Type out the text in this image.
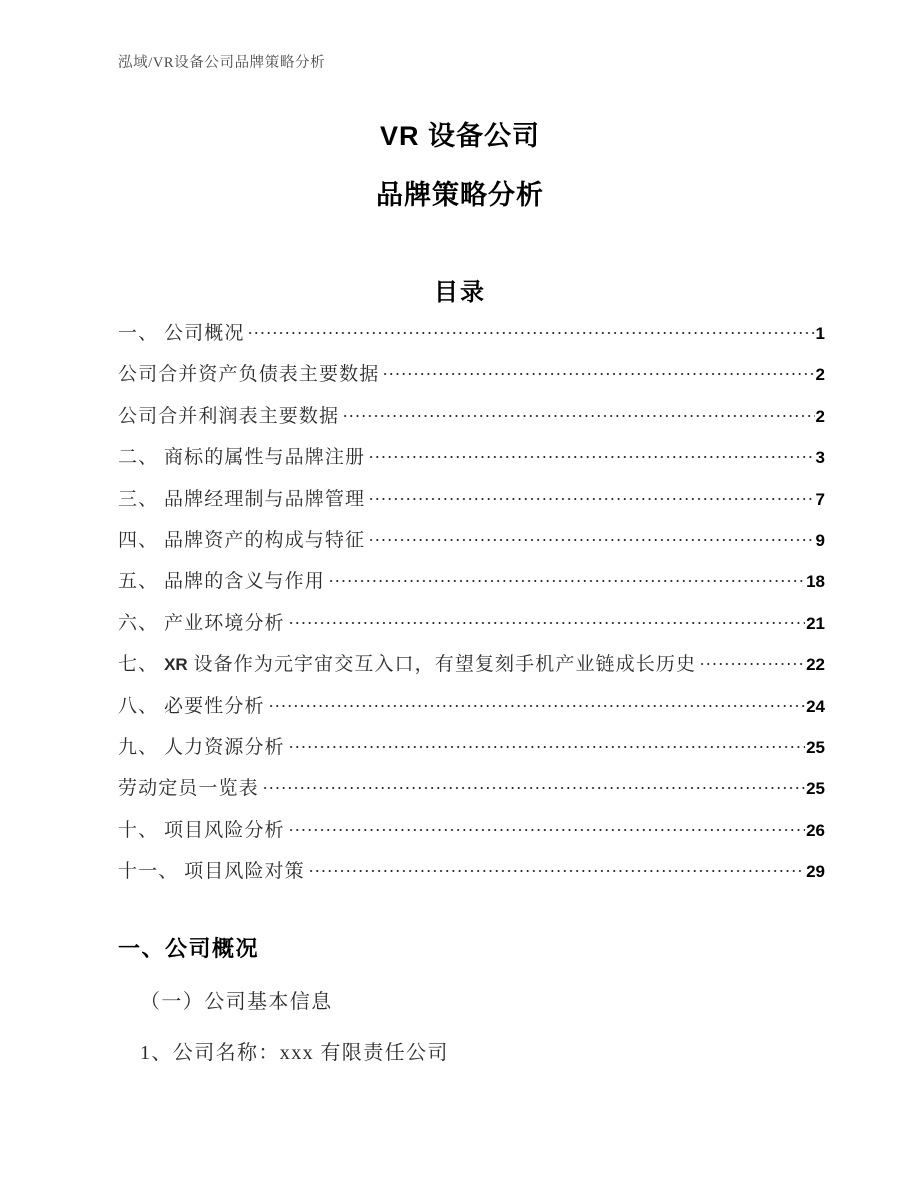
泓域/VR设备公司品牌策略分析
VR 设备公司
品牌策略分析
目录
一、 公司概况	1
公司合并资产负债表主要数据	2
公司合并利润表主要数据	2
二、 商标的属性与品牌注册	3
三、 品牌经理制与品牌管理	7
四、 品牌资产的构成与特征	9
五、 品牌的含义与作用	18
六、 产业环境分析	21
七、 XR 设备作为元宇宙交互入口，有望复刻手机产业链成长历史	22
八、 必要性分析	24
九、 人力资源分析	25
劳动定员一览表	25
十、 项目风险分析	26
十一、 项目风险对策	29
一、公司概况
（一）公司基本信息
1、公司名称：xxx 有限责任公司
